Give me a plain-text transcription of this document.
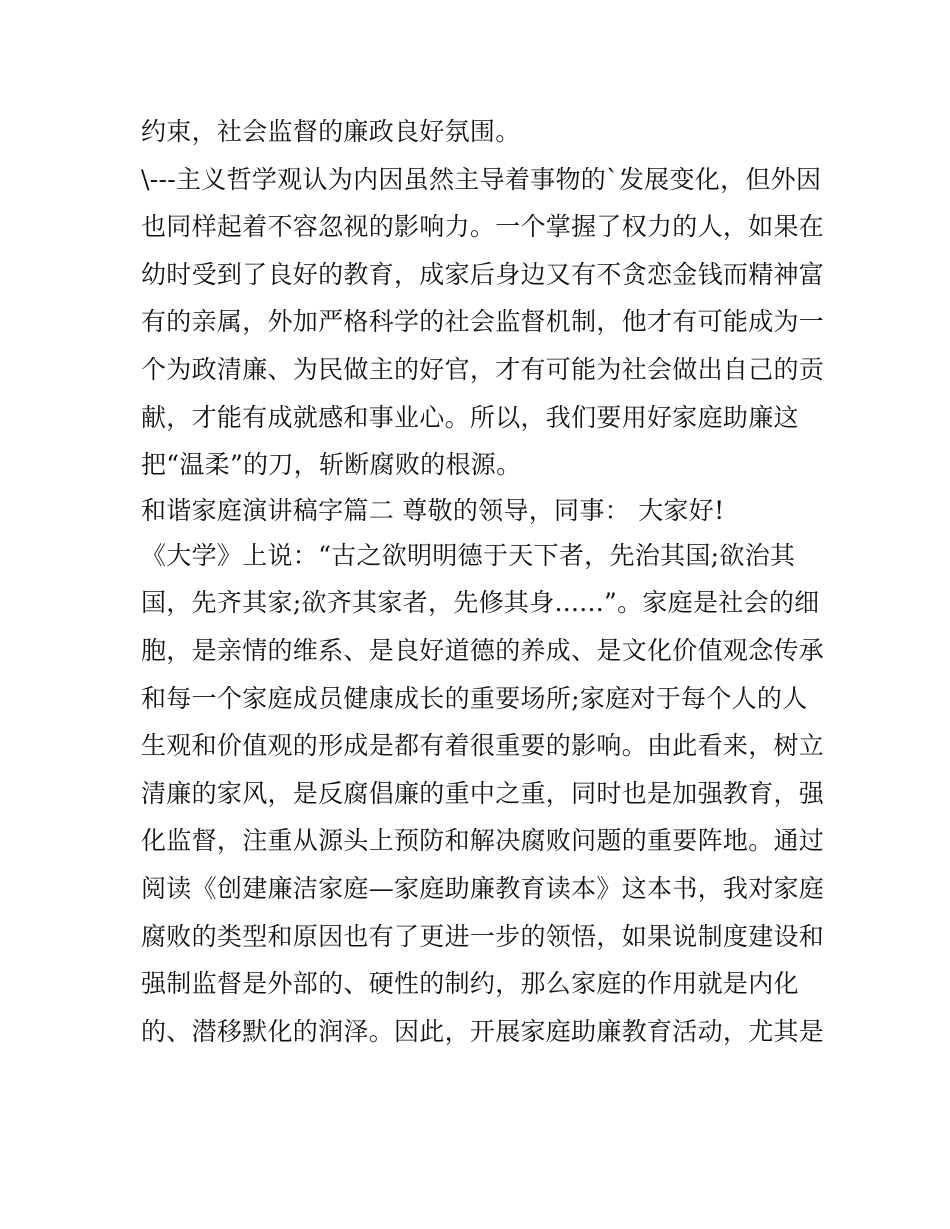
约束，社会监督的廉政良好氛围。
\---主义哲学观认为内因虽然主导着事物的`发展变化，但外因
也同样起着不容忽视的影响力。一个掌握了权力的人，如果在
幼时受到了良好的教育，成家后身边又有不贪恋金钱而精神富
有的亲属，外加严格科学的社会监督机制，他才有可能成为一
个为政清廉、为民做主的好官，才有可能为社会做出自己的贡
献，才能有成就感和事业心。所以，我们要用好家庭助廉这
把“温柔”的刀，斩断腐败的根源。
和谐家庭演讲稿字篇二 尊敬的领导，同事： 大家好!
《大学》上说：“古之欲明明德于天下者，先治其国;欲治其
国，先齐其家;欲齐其家者，先修其身......”。家庭是社会的细
胞，是亲情的维系、是良好道德的养成、是文化价值观念传承
和每一个家庭成员健康成长的重要场所;家庭对于每个人的人
生观和价值观的形成是都有着很重要的影响。由此看来，树立
清廉的家风，是反腐倡廉的重中之重，同时也是加强教育，强
化监督，注重从源头上预防和解决腐败问题的重要阵地。通过
阅读《创建廉洁家庭—家庭助廉教育读本》这本书，我对家庭
腐败的类型和原因也有了更进一步的领悟，如果说制度建设和
强制监督是外部的、硬性的制约，那么家庭的作用就是内化
的、潜移默化的润泽。因此，开展家庭助廉教育活动，尤其是
